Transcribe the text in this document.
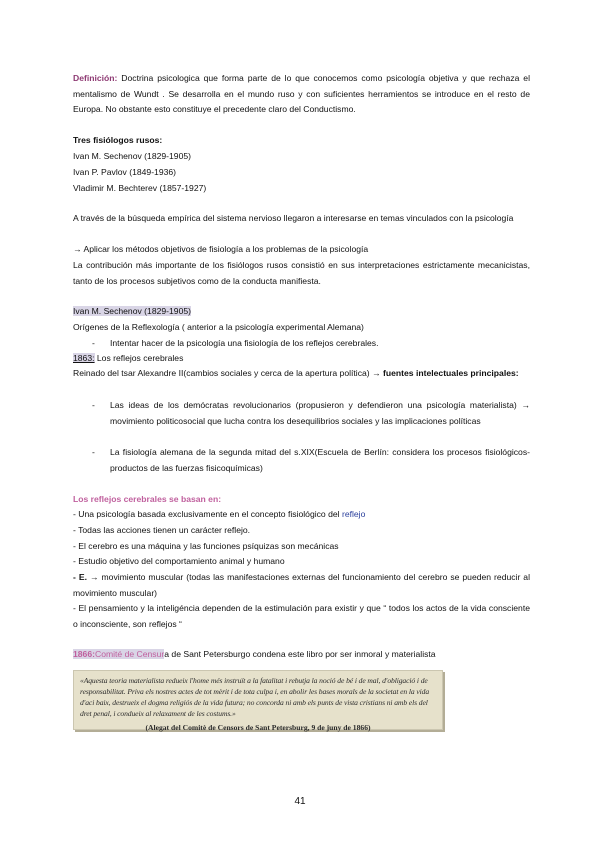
Definición: Doctrina psicologica que forma parte de lo que conocemos como psicología objetiva y que rechaza el mentalismo de Wundt . Se desarrolla en el mundo ruso y con suficientes herramientos se introduce en el resto de Europa. No obstante esto constituye el precedente claro del Conductismo.

Tres fisiólogos rusos:

Ivan M. Sechenov (1829-1905)

Ivan P. Pavlov (1849-1936)

Vladimir M. Bechterev (1857-1927)

A través de la búsqueda empírica del sistema nervioso llegaron a interesarse en temas vinculados con la psicología

→ Aplicar los métodos objetivos de fisiología a los problemas de la psicología

La contribución más importante de los fisiólogos rusos consistió en sus interpretaciones estrictamente mecanicistas, tanto de los procesos subjetivos como de la conducta manifiesta.

Ivan M. Sechenov (1829-1905)

Orígenes de la Reflexología ( anterior a la psicología experimental Alemana)

- Intentar hacer de la psicología una fisiología de los reflejos cerebrales.

1863: Los reflejos cerebrales

Reinado del tsar Alexandre II(cambios sociales y cerca de la apertura política) → fuentes intelectuales principales:

- Las ideas de los demócratas revolucionarios (propusieron y defendieron una psicología materialista) → movimiento politicosocial que lucha contra los desequilibrios sociales y las implicaciones políticas
- La fisiología alemana de la segunda mitad del s.XIX(Escuela de Berlín: considera los procesos fisiológicos-productos de las fuerzas fisicoquímicas)

Los reflejos cerebrales se basan en:

- Una psicología basada exclusivamente en el concepto fisiológico del reflejo

- Todas las acciones tienen un carácter reflejo.

- El cerebro es una máquina y las funciones psíquizas son mecánicas

- Estudio objetivo del comportamiento animal y humano

- E. → movimiento muscular (todas las manifestaciones externas del funcionamiento del cerebro se pueden reducir al movimiento muscular)

- El pensamiento y la inteligéncia dependen de la estimulación para existir y que “ todos los actos de la vida consciente o inconsciente, son reflejos “

1866:Comité de Censura de Sant Petersburgo condena este libro por ser inmoral y materialista

«Aquesta teoria materialista redueix l'home més instruït a la fatalitat i rebutja la noció de bé i de mal, d'obligació i de responsabilitat. Priva els nostres actes de tot mèrit i de tota culpa i, en abolir les bases morals de la societat en la vida d'aci baix, destrueix el dogma religiós de la vida futura; no concorda ni amb els punts de vista cristians ni amb els del dret penal, i condueix al relaxament de les costums.»
(Alegat del Comitè de Censors de Sant Petersburg, 9 de juny de 1866)
41
